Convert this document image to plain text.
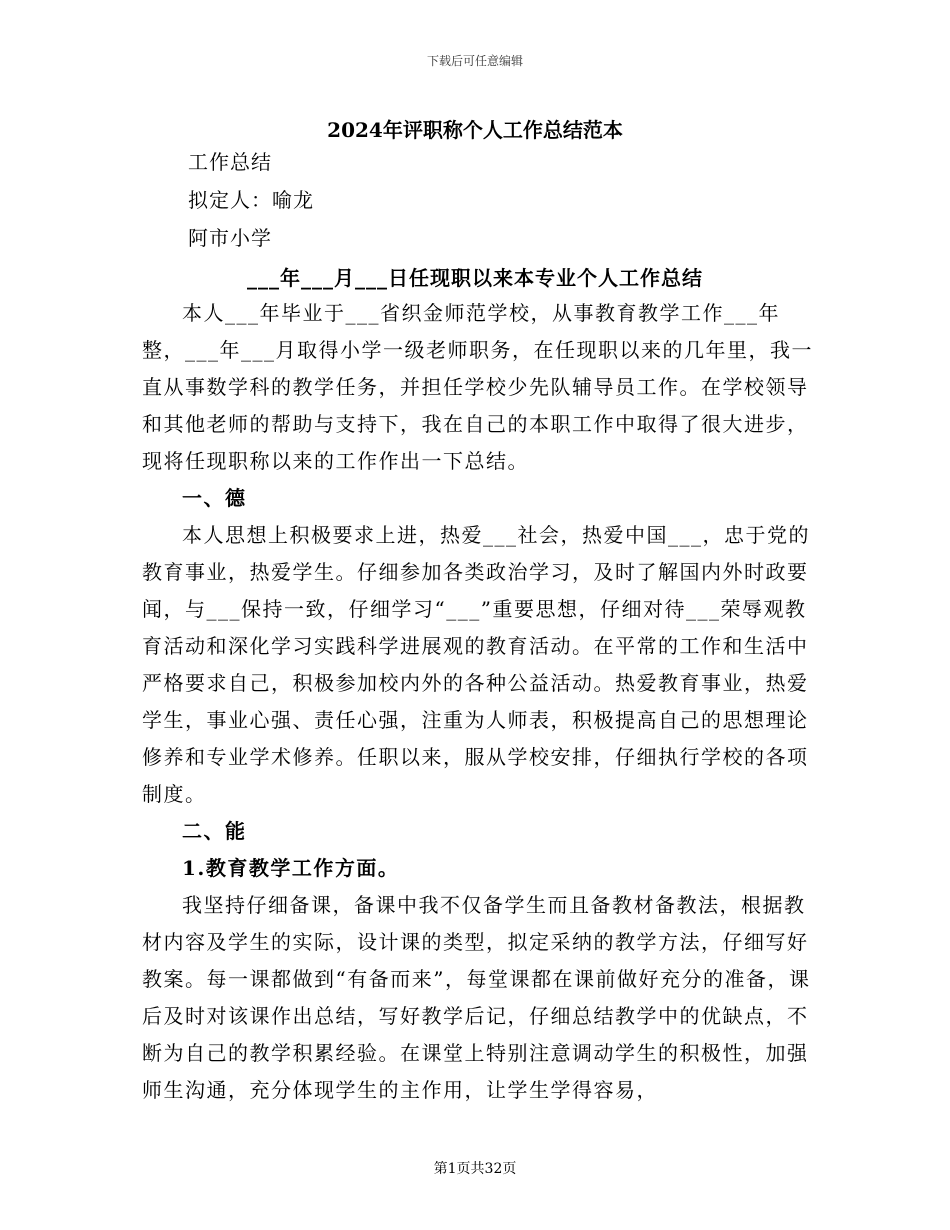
下载后可任意编辑
2024年评职称个人工作总结范本
工作总结
拟定人：喻龙
阿市小学
___年___月___日任现职以来本专业个人工作总结

本人___年毕业于___省织金师范学校，从事教育教学工作___年整，___年___月取得小学一级老师职务，在任现职以来的几年里，我一直从事数学科的教学任务，并担任学校少先队辅导员工作。在学校领导和其他老师的帮助与支持下，我在自己的本职工作中取得了很大进步，现将任现职称以来的工作作出一下总结。

一、德

本人思想上积极要求上进，热爱___社会，热爱中国___，忠于党的教育事业，热爱学生。仔细参加各类政治学习，及时了解国内外时政要闻，与___保持一致，仔细学习“___”重要思想，仔细对待___荣辱观教育活动和深化学习实践科学进展观的教育活动。在平常的工作和生活中严格要求自己，积极参加校内外的各种公益活动。热爱教育事业，热爱学生，事业心强、责任心强，注重为人师表，积极提高自己的思想理论修养和专业学术修养。任职以来，服从学校安排，仔细执行学校的各项制度。

二、能
1.教育教学工作方面。

我坚持仔细备课，备课中我不仅备学生而且备教材备教法，根据教材内容及学生的实际，设计课的类型，拟定采纳的教学方法，仔细写好教案。每一课都做到“有备而来”，每堂课都在课前做好充分的准备，课后及时对该课作出总结，写好教学后记，仔细总结教学中的优缺点，不断为自己的教学积累经验。在课堂上特别注意调动学生的积极性，加强师生沟通，充分体现学生的主作用，让学生学得容易，

第1页共32页
